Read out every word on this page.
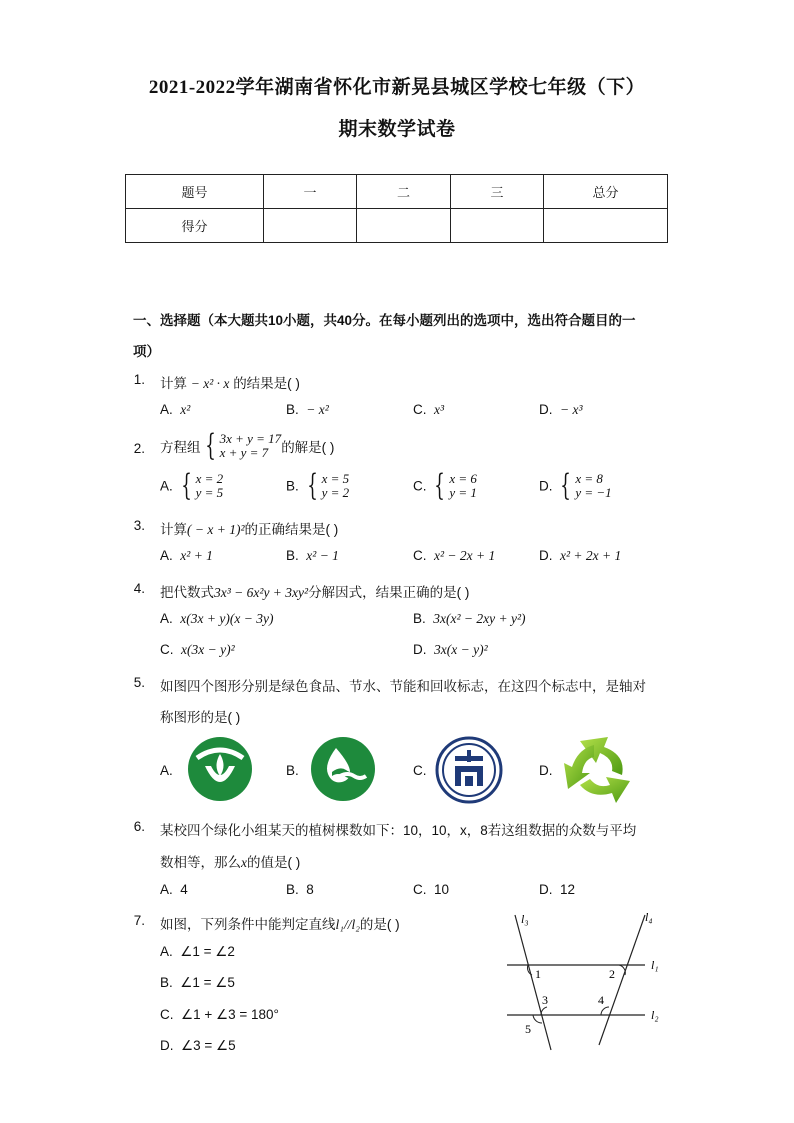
2021-2022学年湖南省怀化市新晃县城区学校七年级（下）
期末数学试卷
题号	一	二	三	总分
得分				
一、选择题（本大题共10小题，共40分。在每小题列出的选项中，选出符合题目的一
项）
1. 计算 − x² · x 的结果是( )
A. x²	B. − x²	C. x³	D. − x³
2. 方程组 { 3x + y = 17
x + y = 7 的解是( )
A. { x = 2
y = 5	B. { x = 5
y = 2	C. { x = 6
y = 1	D. { x = 8
y = −1
3. 计算( − x + 1)²的正确结果是( )
A. x² + 1	B. x² − 1	C. x² − 2x + 1	D. x² + 2x + 1
4. 把代数式3x³ − 6x²y + 3xy²分解因式，结果正确的是( )
A. x(3x + y)(x − 3y)	B. 3x(x² − 2xy + y²)
C. x(3x − y)²	D. 3x(x − y)²
5. 如图四个图形分别是绿色食品、节水、节能和回收标志，在这四个标志中，是轴对
称图形的是( )
A.	B.	C.	D.
6. 某校四个绿化小组某天的植树棵数如下：10，10，x，8若这组数据的众数与平均
数相等，那么x的值是( )
A. 4	B. 8	C. 10	D. 12
7. 如图，下列条件中能判定直线l₁//l₂的是( )
A. ∠1 = ∠2
B. ∠1 = ∠5
C. ∠1 + ∠3 = 180°
D. ∠3 = ∠5
l₃	l₄
l₁
l₂
1	2
3	4
5
